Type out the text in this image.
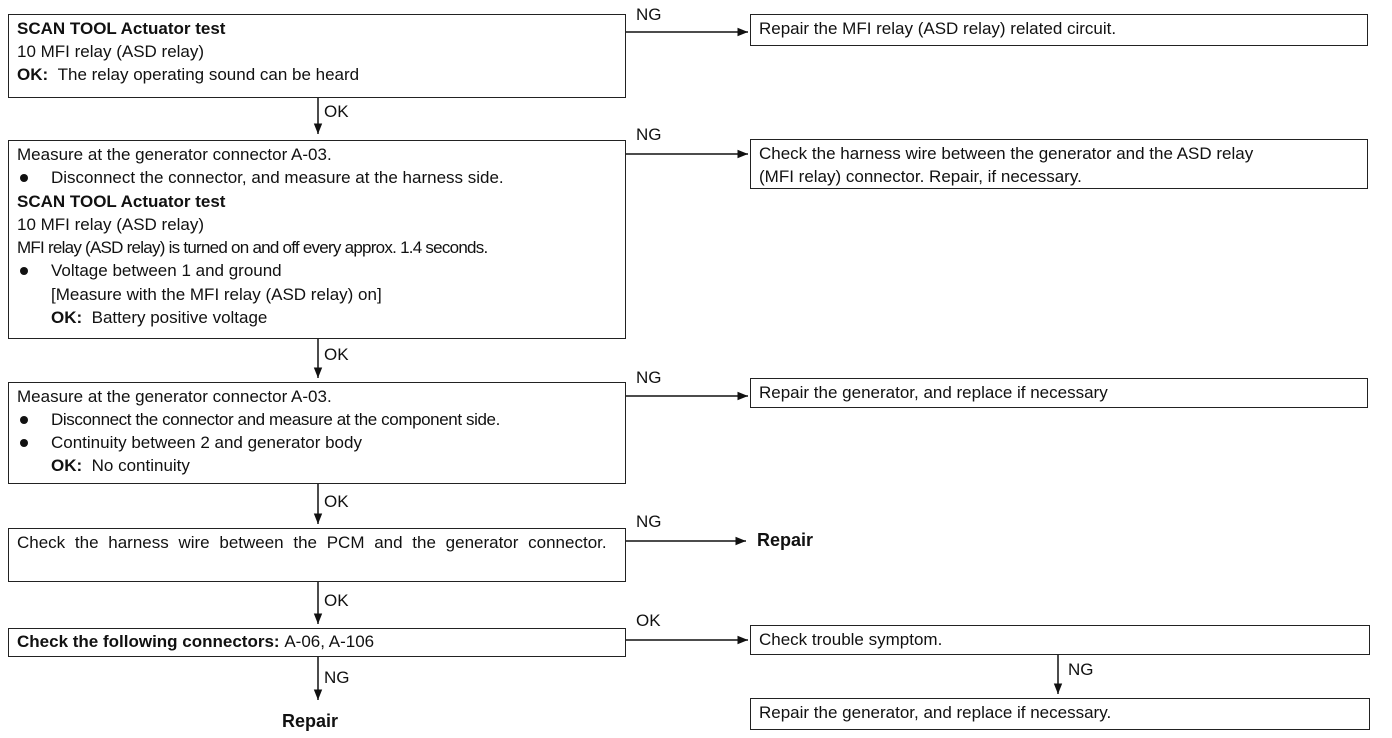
SCAN TOOL Actuator test
10 MFI relay (ASD relay)
OK: The relay operating sound can be heard
Measure at the generator connector A-03.
Disconnect the connector, and measure at the harness side.
SCAN TOOL Actuator test
10 MFI relay (ASD relay)
MFI relay (ASD relay) is turned on and off every approx. 1.4 seconds.
Voltage between 1 and ground
[Measure with the MFI relay (ASD relay) on]
OK: Battery positive voltage
Measure at the generator connector A-03.
Disconnect the connector and measure at the component side.
Continuity between 2 and generator body
OK: No continuity
Check the harness wire between the PCM and the generator connector.
Check the following connectors: A-06, A-106
Repair the MFI relay (ASD relay) related circuit.
Check the harness wire between the generator and the ASD relay
(MFI relay) connector. Repair, if necessary.
Repair the generator, and replace if necessary
Repair
Check trouble symptom.
Repair the generator, and replace if necessary.
Repair
NG
NG
NG
NG
OK
OK
OK
OK
OK
NG	NG
